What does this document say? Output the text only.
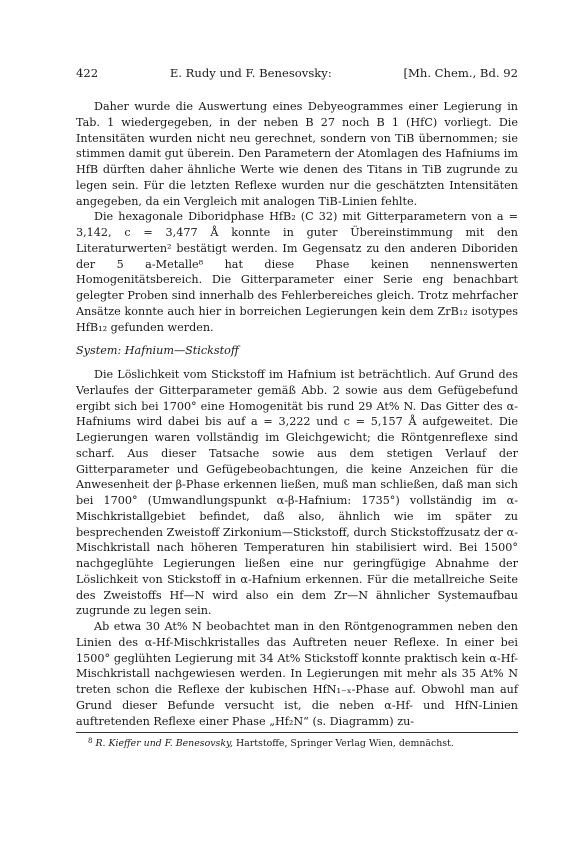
422	E. Rudy und F. Benesovsky:	[Mh. Chem., Bd. 92

Daher wurde die Auswertung eines Debyeogrammes einer Legierung in Tab. 1 wiedergegeben, in der neben B 27 noch B 1 (HfC) vorliegt. Die Intensitäten wurden nicht neu gerechnet, sondern von TiB übernommen; sie stimmen damit gut überein. Den Parametern der Atomlagen des Hafniums im HfB dürften daher ähnliche Werte wie denen des Titans in TiB zugrunde zu legen sein. Für die letzten Reflexe wurden nur die geschätzten Intensitäten angegeben, da ein Vergleich mit analogen TiB-Linien fehlte.

Die hexagonale Diboridphase HfB₂ (C 32) mit Gitterparametern von a = 3,142, c = 3,477 Å konnte in guter Übereinstimmung mit den Literaturwerten² bestätigt werden. Im Gegensatz zu den anderen Diboriden der 5 a-Metalle⁸ hat diese Phase keinen nennenswerten Homogenitätsbereich. Die Gitterparameter einer Serie eng benachbart gelegter Proben sind innerhalb des Fehlerbereiches gleich. Trotz mehrfacher Ansätze konnte auch hier in borreichen Legierungen kein dem ZrB₁₂ isotypes HfB₁₂ gefunden werden.

System: Hafnium—Stickstoff

Die Löslichkeit vom Stickstoff im Hafnium ist beträchtlich. Auf Grund des Verlaufes der Gitterparameter gemäß Abb. 2 sowie aus dem Gefügebefund ergibt sich bei 1700° eine Homogenität bis rund 29 At% N. Das Gitter des α-Hafniums wird dabei bis auf a = 3,222 und c = 5,157 Å aufgeweitet. Die Legierungen waren vollständig im Gleichgewicht; die Röntgenreflexe sind scharf. Aus dieser Tatsache sowie aus dem stetigen Verlauf der Gitterparameter und Gefügebeobachtungen, die keine Anzeichen für die Anwesenheit der β-Phase erkennen ließen, muß man schließen, daß man sich bei 1700° (Umwandlungspunkt α-β-Hafnium: 1735°) vollständig im α-Mischkristallgebiet befindet, daß also, ähnlich wie im später zu besprechenden Zweistoff Zirkonium—Stickstoff, durch Stickstoffzusatz der α-Mischkristall nach höheren Temperaturen hin stabilisiert wird. Bei 1500° nachgeglühte Legierungen ließen eine nur geringfügige Abnahme der Löslichkeit von Stickstoff in α-Hafnium erkennen. Für die metallreiche Seite des Zweistoffs Hf—N wird also ein dem Zr—N ähnlicher Systemaufbau zugrunde zu legen sein.

Ab etwa 30 At% N beobachtet man in den Röntgenogrammen neben den Linien des α-Hf-Mischkristalles das Auftreten neuer Reflexe. In einer bei 1500° geglühten Legierung mit 34 At% Stickstoff konnte praktisch kein α-Hf-Mischkristall nachgewiesen werden. In Legierungen mit mehr als 35 At% N treten schon die Reflexe der kubischen HfN₁₋ₓ-Phase auf. Obwohl man auf Grund dieser Befunde versucht ist, die neben α-Hf- und HfN-Linien auftretenden Reflexe einer Phase „Hf₂N“ (s. Diagramm) zu-

$^8$ R. Kieffer und F. Benesovsky, Hartstoffe, Springer Verlag Wien, demnächst.
